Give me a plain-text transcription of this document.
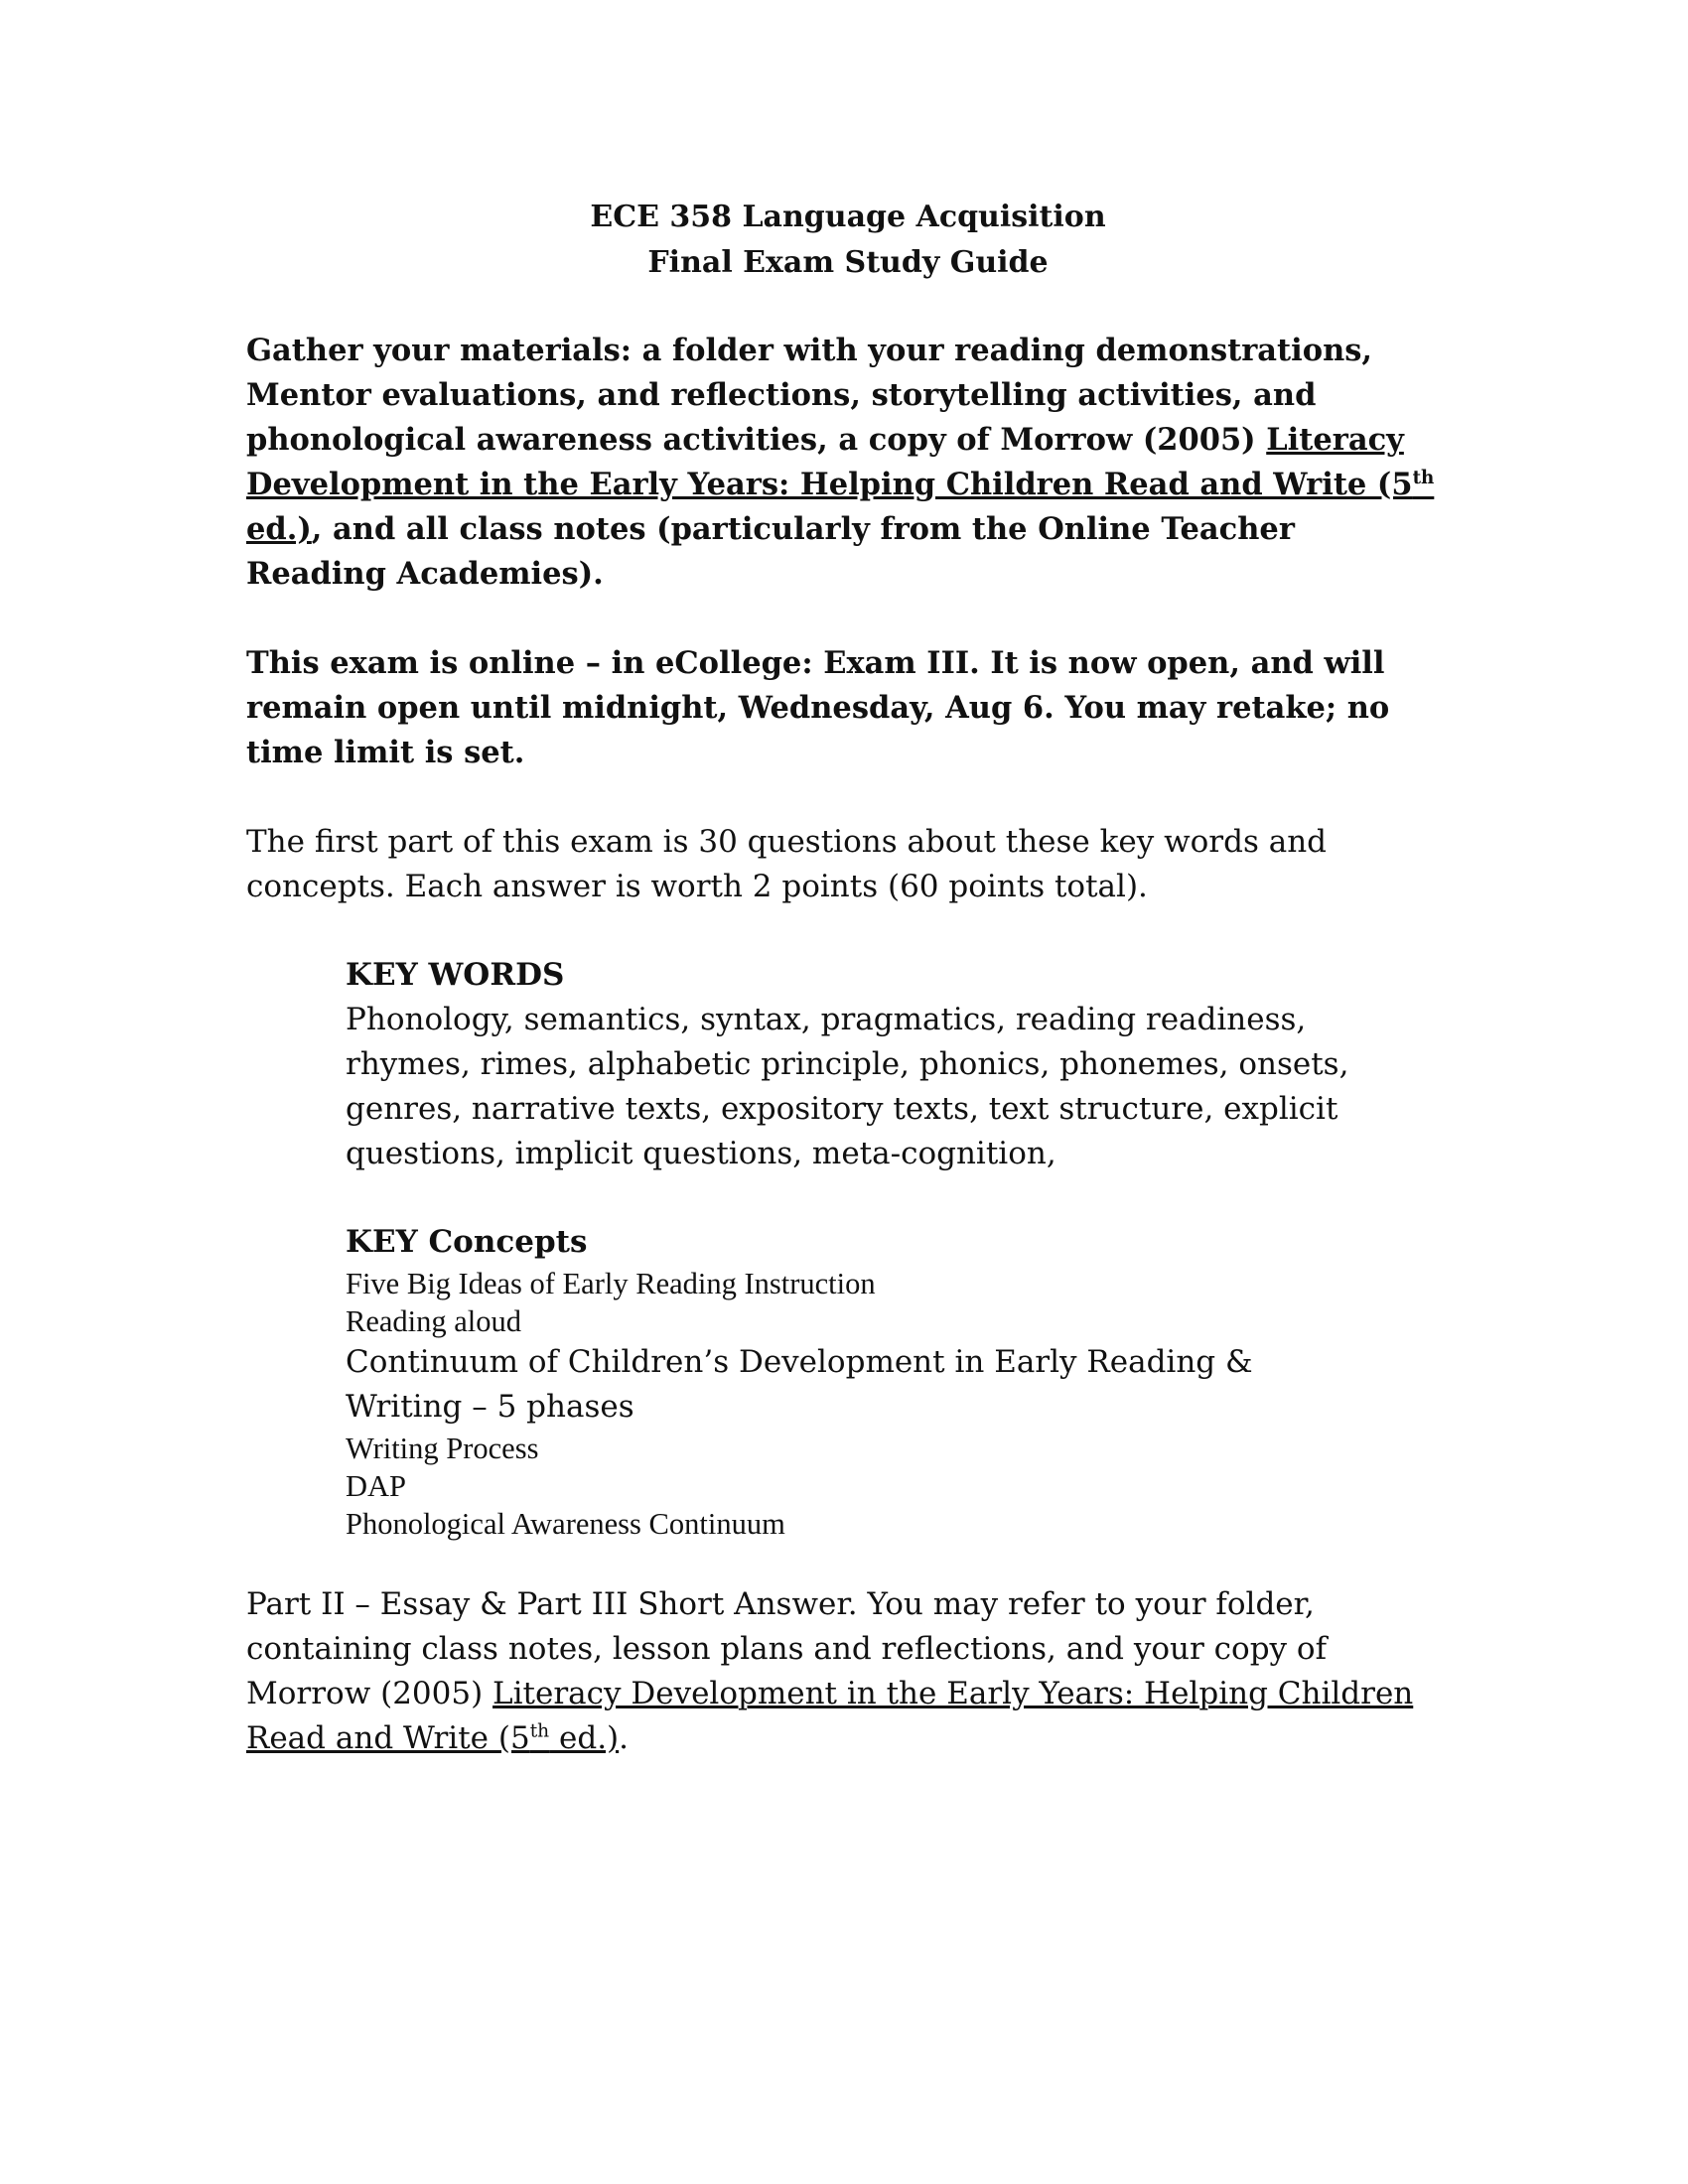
ECE 358 Language Acquisition
Final Exam Study Guide

Gather your materials: a folder with your reading demonstrations, Mentor evaluations, and reflections, storytelling activities, and phonological awareness activities, a copy of Morrow (2005) Literacy Development in the Early Years: Helping Children Read and Write (5th ed.), and all class notes (particularly from the Online Teacher Reading Academies).

This exam is online – in eCollege: Exam III. It is now open, and will remain open until midnight, Wednesday, Aug 6. You may retake; no time limit is set.

The first part of this exam is 30 questions about these key words and concepts. Each answer is worth 2 points (60 points total).

KEY WORDS

Phonology, semantics, syntax, pragmatics, reading readiness, rhymes, rimes, alphabetic principle, phonics, phonemes, onsets, genres, narrative texts, expository texts, text structure, explicit questions, implicit questions, meta-cognition,

KEY Concepts

Five Big Ideas of Early Reading Instruction

Reading aloud

Continuum of Children’s Development in Early Reading & Writing – 5 phases

Writing Process

DAP

Phonological Awareness Continuum

Part II – Essay & Part III Short Answer. You may refer to your folder, containing class notes, lesson plans and reflections, and your copy of Morrow (2005) Literacy Development in the Early Years: Helping Children Read and Write (5th ed.).
